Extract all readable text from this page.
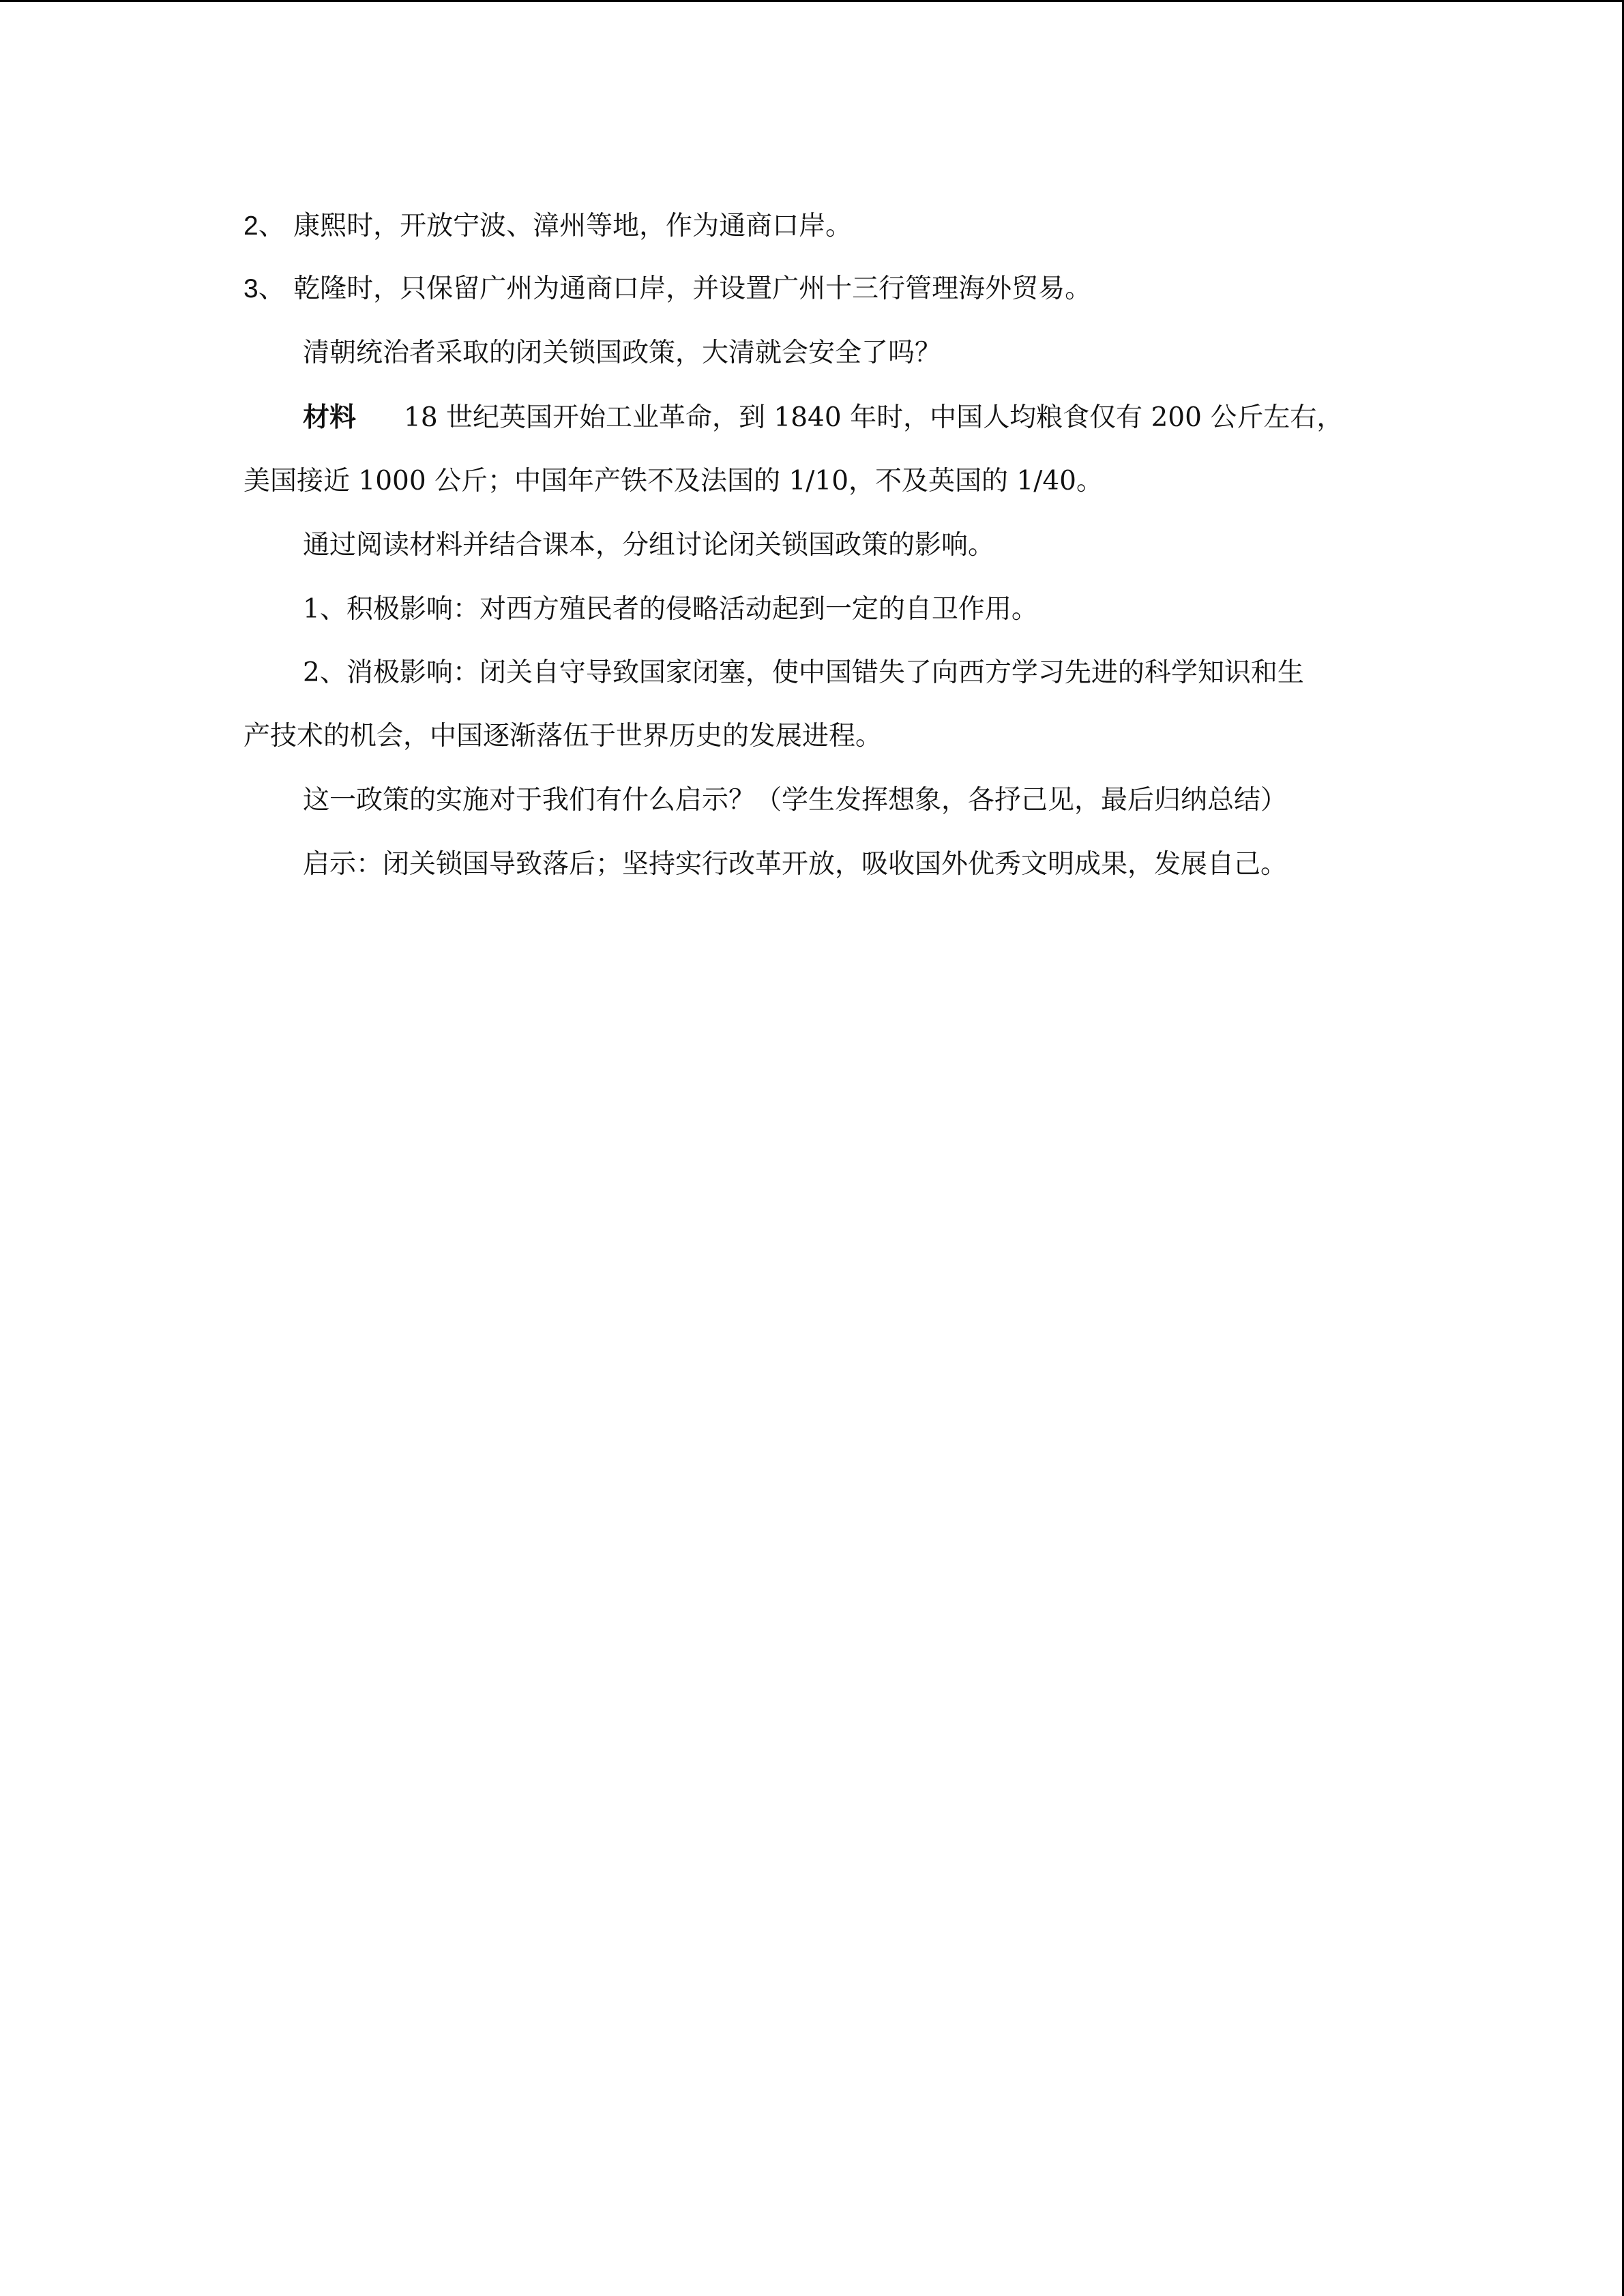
2、 康熙时，开放宁波、漳州等地，作为通商口岸。
3、 乾隆时，只保留广州为通商口岸，并设置广州十三行管理海外贸易。
清朝统治者采取的闭关锁国政策，大清就会安全了吗？
材料 18 世纪英国开始工业革命，到 1840 年时，中国人均粮食仅有 200 公斤左右，
美国接近 1000 公斤；中国年产铁不及法国的 1/10，不及英国的 1/40。
通过阅读材料并结合课本，分组讨论闭关锁国政策的影响。
1、积极影响：对西方殖民者的侵略活动起到一定的自卫作用。
2、消极影响：闭关自守导致国家闭塞，使中国错失了向西方学习先进的科学知识和生
产技术的机会，中国逐渐落伍于世界历史的发展进程。
这一政策的实施对于我们有什么启示？（学生发挥想象，各抒己见，最后归纳总结）
启示：闭关锁国导致落后；坚持实行改革开放，吸收国外优秀文明成果，发展自己。
